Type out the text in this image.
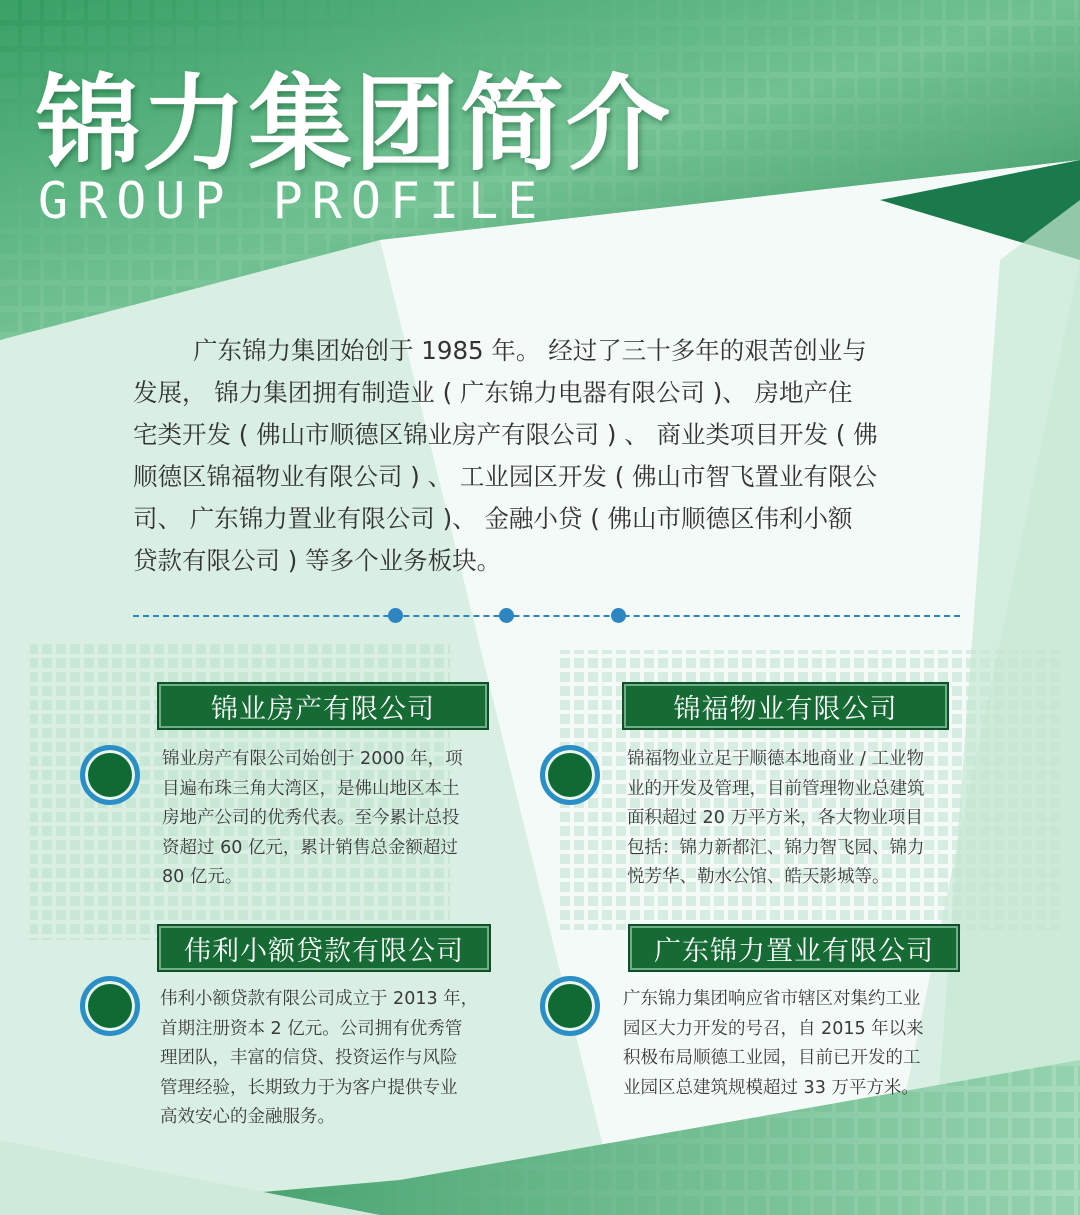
锦力集团简介
GROUP PROFILE
广东锦力集团始创于 1985 年。 经过了三十多年的艰苦创业与
发展， 锦力集团拥有制造业 ( 广东锦力电器有限公司 )、 房地产住
宅类开发 ( 佛山市顺德区锦业房产有限公司 ) 、 商业类项目开发 ( 佛
顺德区锦福物业有限公司 ) 、 工业园区开发 ( 佛山市智飞置业有限公
司、 广东锦力置业有限公司 )、 金融小贷 ( 佛山市顺德区伟利小额
贷款有限公司 ) 等多个业务板块。
锦业房产有限公司
锦业房产有限公司始创于 2000 年，项
目遍布珠三角大湾区，是佛山地区本土
房地产公司的优秀代表。至今累计总投
资超过 60 亿元，累计销售总金额超过
80 亿元。
锦福物业有限公司
锦福物业立足于顺德本地商业 / 工业物
业的开发及管理，目前管理物业总建筑
面积超过 20 万平方米，各大物业项目
包括：锦力新都汇、锦力智飞园、锦力
悦芳华、勒水公馆、皓天影城等。
伟利小额贷款有限公司
伟利小额贷款有限公司成立于 2013 年，
首期注册资本 2 亿元。公司拥有优秀管
理团队，丰富的信贷、投资运作与风险
管理经验，长期致力于为客户提供专业
高效安心的金融服务。
广东锦力置业有限公司
广东锦力集团响应省市辖区对集约工业
园区大力开发的号召，自 2015 年以来
积极布局顺德工业园，目前已开发的工
业园区总建筑规模超过 33 万平方米。
